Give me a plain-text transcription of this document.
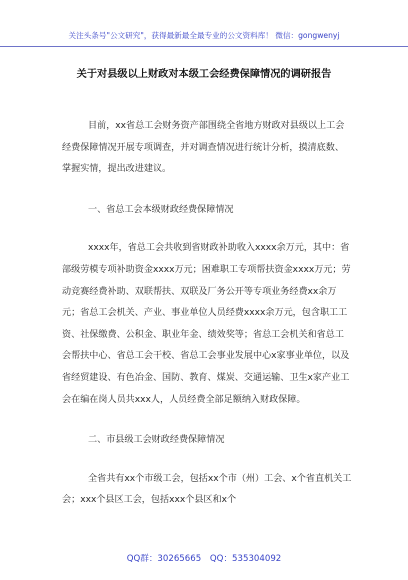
关注头条号"公文研究"，获得最新最全最专业的公文资料库！ 微信：gongwenyj
关于对县级以上财政对本级工会经费保障情况的调研报告

目前，xx省总工会财务资产部围绕全省地方财政对县级以上工会经费保障情况开展专项调查，并对调查情况进行统计分析，摸清底数、掌握实情，提出改进建议。

一、省总工会本级财政经费保障情况

xxxx年，省总工会共收到省财政补助收入xxxx余万元，其中：省部级劳模专项补助资金xxxx万元；困难职工专项帮扶资金xxxx万元；劳动竞赛经费补助、双联帮扶、双联及厂务公开等专项业务经费xx余万元；省总工会机关、产业、事业单位人员经费xxxx余万元，包含职工工资、社保缴费、公积金、职业年金、绩效奖等；省总工会机关和省总工会帮扶中心、省总工会干校、省总工会事业发展中心x家事业单位，以及省经贸建设、有色冶金、国防、教育、煤炭、交通运输、卫生x家产业工会在编在岗人员共xxx人，人员经费全部足额纳入财政保障。

二、市县级工会财政经费保障情况

全省共有xx个市级工会，包括xx个市（州）工会、x个省直机关工会；xxx个县区工会，包括xxx个县区和x个

QQ群：30265665 QQ：535304092
